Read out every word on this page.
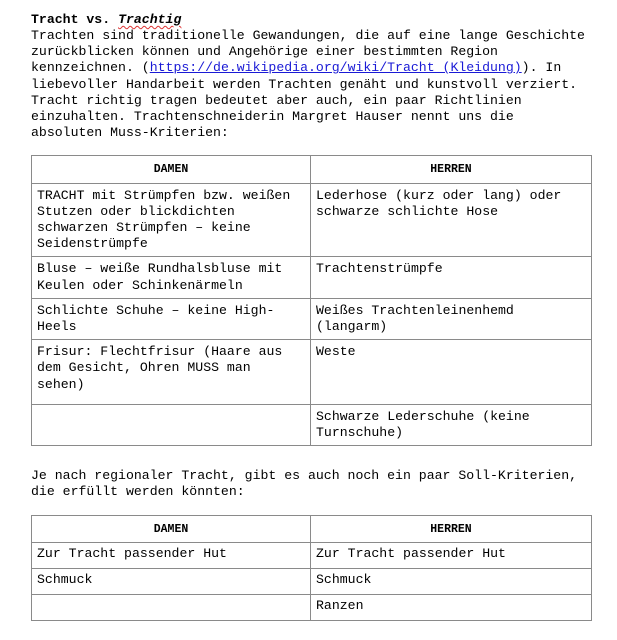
Tracht vs. Trachtig

Trachten sind traditionelle Gewandungen, die auf eine lange Geschichte zurückblicken können und Angehörige einer bestimmten Region kennzeichnen. (https://de.wikipedia.org/wiki/Tracht_(Kleidung)). In liebevoller Handarbeit werden Trachten genäht und kunstvoll verziert. Tracht richtig tragen bedeutet aber auch, ein paar Richtlinien einzuhalten. Trachtenschneiderin Margret Hauser nennt uns die absoluten Muss-Kriterien:

DAMEN	HERREN
TRACHT mit Strümpfen bzw. weißen Stutzen oder blickdichten schwarzen Strümpfen – keine Seidenstrümpfe	Lederhose (kurz oder lang) oder schwarze schlichte Hose
Bluse – weiße Rundhalsbluse mit Keulen oder Schinkenärmeln	Trachtenstrümpfe
Schlichte Schuhe – keine High-Heels	Weißes Trachtenleinenhemd (langarm)
Frisur: Flechtfrisur (Haare aus dem Gesicht, Ohren MUSS man sehen)	Weste
	Schwarze Lederschuhe (keine Turnschuhe)

Je nach regionaler Tracht, gibt es auch noch ein paar Soll-Kriterien, die erfüllt werden könnten:

DAMEN	HERREN
Zur Tracht passender Hut	Zur Tracht passender Hut
Schmuck	Schmuck
	Ranzen
